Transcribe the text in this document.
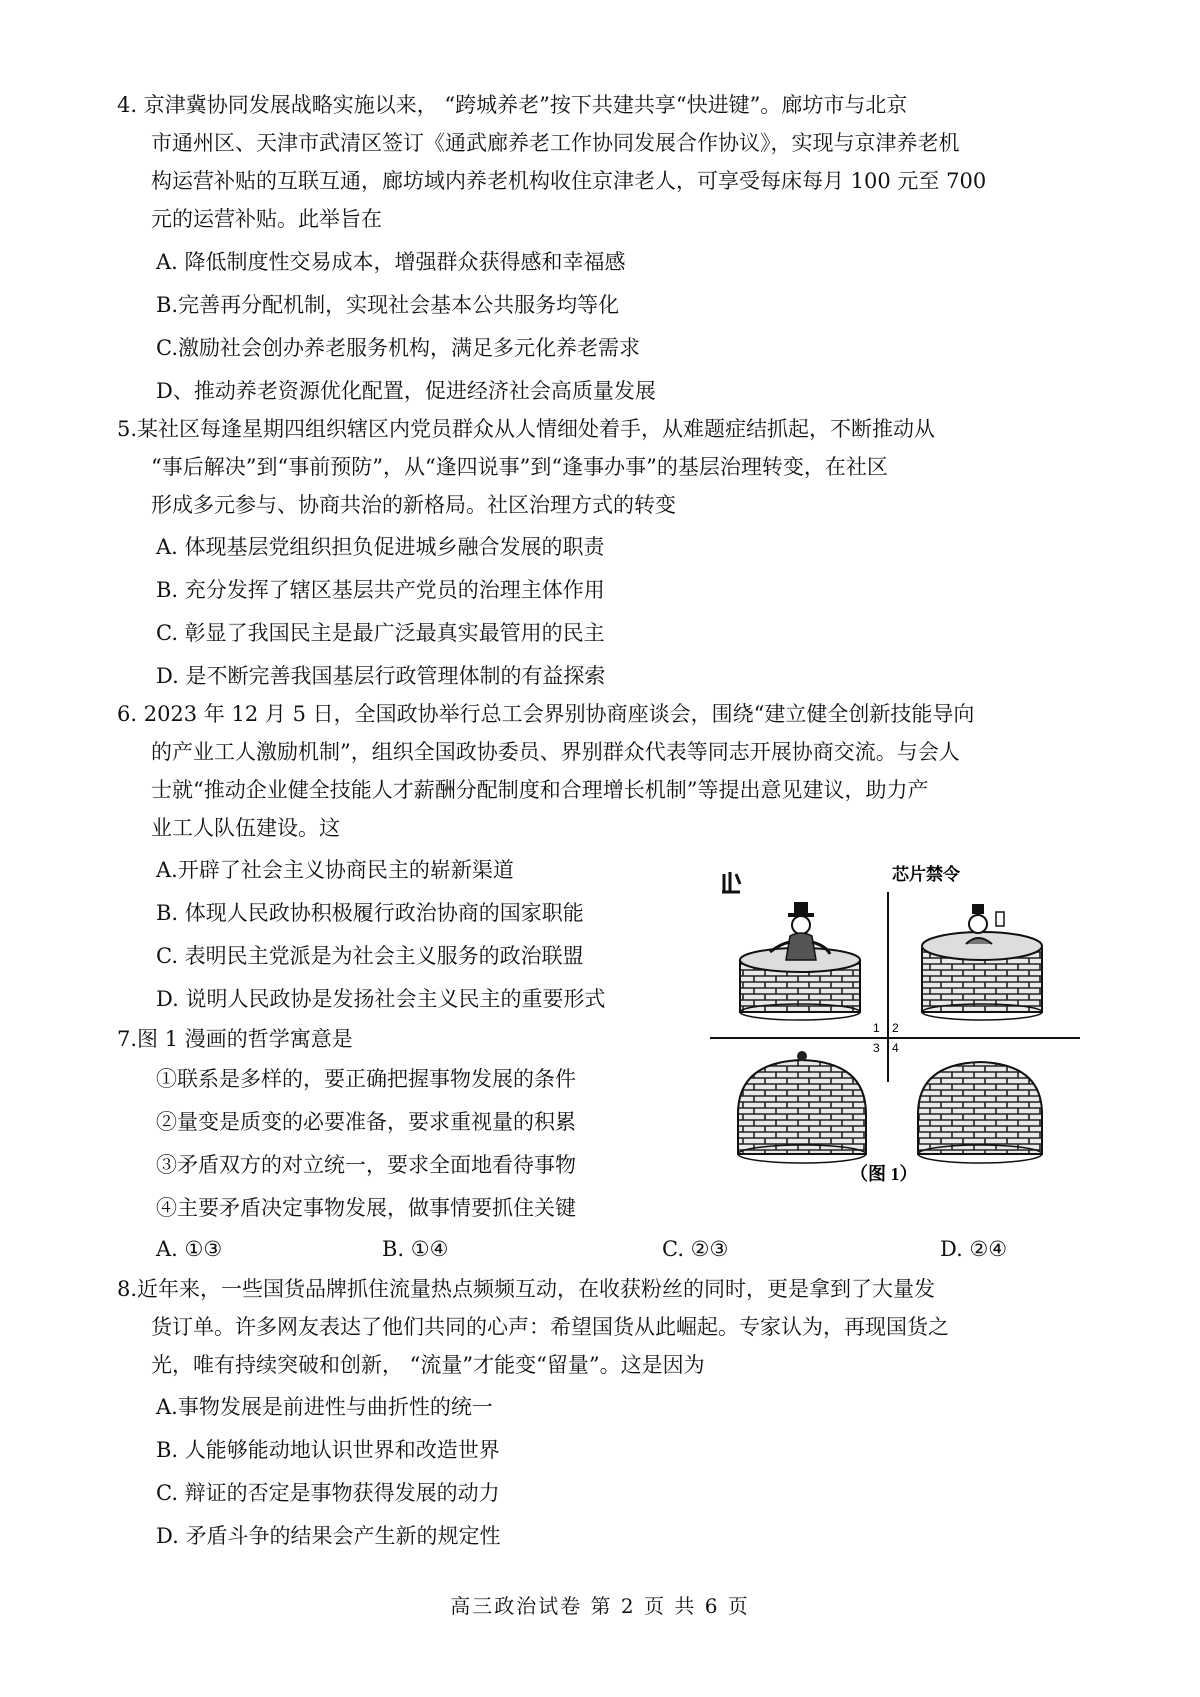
4. 京津冀协同发展战略实施以来， “跨城养老”按下共建共享“快进键”。廊坊市与北京
市通州区、天津市武清区签订《通武廊养老工作协同发展合作协议》，实现与京津养老机
构运营补贴的互联互通，廊坊域内养老机构收住京津老人，可享受每床每月 100 元至 700
元的运营补贴。此举旨在
A. 降低制度性交易成本，增强群众获得感和幸福感
B.完善再分配机制，实现社会基本公共服务均等化
C.激励社会创办养老服务机构，满足多元化养老需求
D、推动养老资源优化配置，促进经济社会高质量发展
5.某社区每逢星期四组织辖区内党员群众从人情细处着手，从难题症结抓起，不断推动从
“事后解决”到“事前预防”，从“逢四说事”到“逢事办事”的基层治理转变，在社区
形成多元参与、协商共治的新格局。社区治理方式的转变
A. 体现基层党组织担负促进城乡融合发展的职责
B. 充分发挥了辖区基层共产党员的治理主体作用
C. 彰显了我国民主是最广泛最真实最管用的民主
D. 是不断完善我国基层行政管理体制的有益探索
6. 2023 年 12 月 5 日，全国政协举行总工会界别协商座谈会，围绕“建立健全创新技能导向
的产业工人激励机制”，组织全国政协委员、界别群众代表等同志开展协商交流。与会人
士就“推动企业健全技能人才薪酬分配制度和合理增长机制”等提出意见建议，助力产
业工人队伍建设。这
A.开辟了社会主义协商民主的崭新渠道
B. 体现人民政协积极履行政治协商的国家职能
C. 表明民主党派是为社会主义服务的政治联盟
D. 说明人民政协是发扬社会主义民主的重要形式
7.图 1 漫画的哲学寓意是
①联系是多样的，要正确把握事物发展的条件
②量变是质变的必要准备，要求重视量的积累
③矛盾双方的对立统一，要求全面地看待事物
④主要矛盾决定事物发展，做事情要抓住关键
A. ①③	B. ①④	C. ②③	D. ②④
芯片禁令
1 2
3 4
（图 1）
8.近年来，一些国货品牌抓住流量热点频频互动，在收获粉丝的同时，更是拿到了大量发
货订单。许多网友表达了他们共同的心声：希望国货从此崛起。专家认为，再现国货之
光，唯有持续突破和创新， “流量”才能变“留量”。这是因为
A.事物发展是前进性与曲折性的统一
B. 人能够能动地认识世界和改造世界
C. 辩证的否定是事物获得发展的动力
D. 矛盾斗争的结果会产生新的规定性
高三政治试卷 第 2 页 共 6 页
